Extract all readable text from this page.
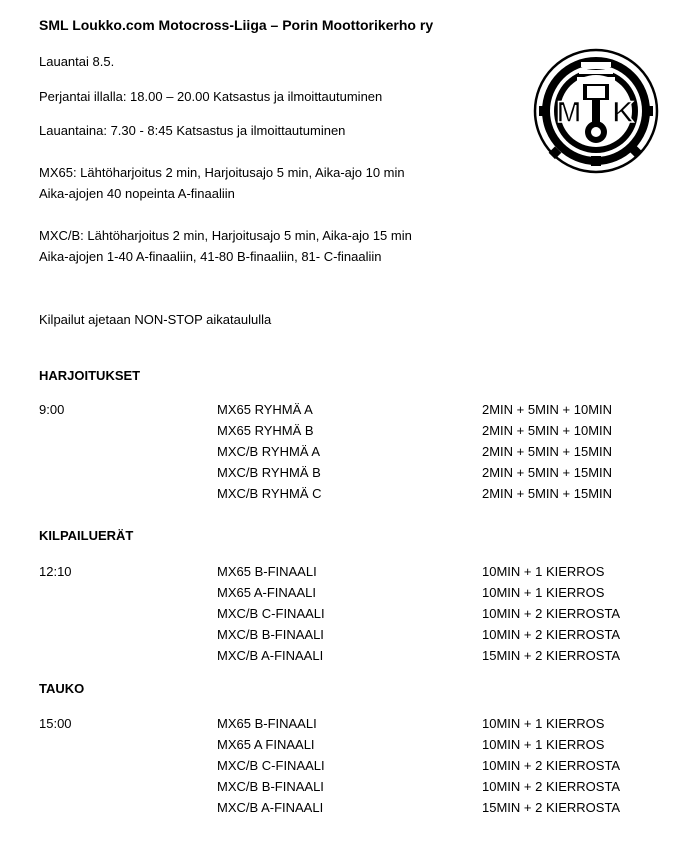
SML Loukko.com Motocross-Liiga – Porin Moottorikerho ry
Lauantai 8.5.
Perjantai illalla: 18.00 – 20.00 Katsastus ja ilmoittautuminen
Lauantaina: 7.30 - 8:45 Katsastus ja ilmoittautuminen
MX65: Lähtöharjoitus 2 min, Harjoitusajo 5 min, Aika-ajo 10 min
Aika-ajojen 40 nopeinta A-finaaliin
MXC/B: Lähtöharjoitus 2 min, Harjoitusajo 5 min, Aika-ajo 15 min
Aika-ajojen 1-40 A-finaaliin, 41-80 B-finaaliin, 81- C-finaaliin
Kilpailut ajetaan NON-STOP aikataululla
M K
HARJOITUKSET
9:00	MX65 RYHMÄ A	2MIN + 5MIN + 10MIN
MX65 RYHMÄ B	2MIN + 5MIN + 10MIN
MXC/B RYHMÄ A	2MIN + 5MIN + 15MIN
MXC/B RYHMÄ B	2MIN + 5MIN + 15MIN
MXC/B RYHMÄ C	2MIN + 5MIN + 15MIN
KILPAILUERÄT
12:10	MX65 B-FINAALI	10MIN + 1 KIERROS
MX65 A-FINAALI	10MIN + 1 KIERROS
MXC/B C-FINAALI	10MIN + 2 KIERROSTA
MXC/B B-FINAALI	10MIN + 2 KIERROSTA
MXC/B A-FINAALI	15MIN + 2 KIERROSTA
TAUKO
15:00	MX65 B-FINAALI	10MIN + 1 KIERROS
MX65 A FINAALI	10MIN + 1 KIERROS
MXC/B C-FINAALI	10MIN + 2 KIERROSTA
MXC/B B-FINAALI	10MIN + 2 KIERROSTA
MXC/B A-FINAALI	15MIN + 2 KIERROSTA
